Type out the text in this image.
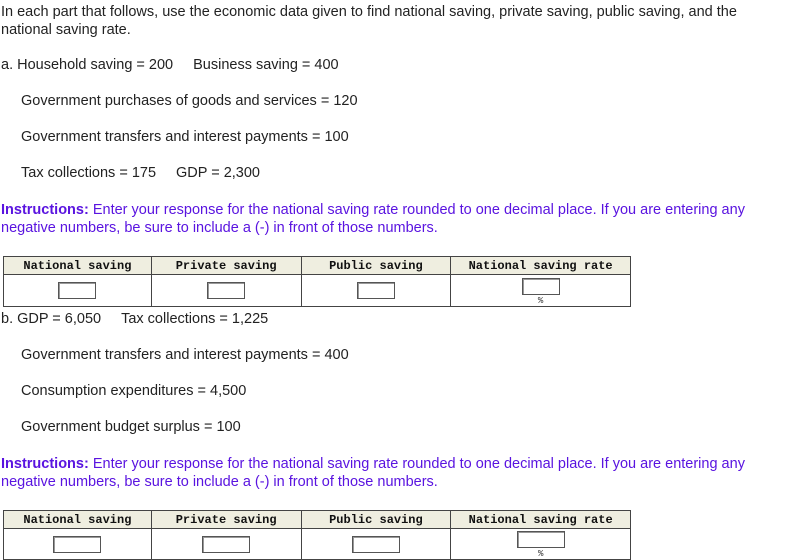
In each part that follows, use the economic data given to find national saving, private saving, public saving, and the national saving rate.
a. Household saving = 200 Business saving = 400
Government purchases of goods and services = 120
Government transfers and interest payments = 100
Tax collections = 175 GDP = 2,300
Instructions: Enter your response for the national saving rate rounded to one decimal place. If you are entering any negative numbers, be sure to include a (-) in front of those numbers.
National saving	Private saving	Public saving	National saving rate

%
b. GDP = 6,050 Tax collections = 1,225
Government transfers and interest payments = 400
Consumption expenditures = 4,500
Government budget surplus = 100
Instructions: Enter your response for the national saving rate rounded to one decimal place. If you are entering any negative numbers, be sure to include a (-) in front of those numbers.
National saving	Private saving	Public saving	National saving rate

%
